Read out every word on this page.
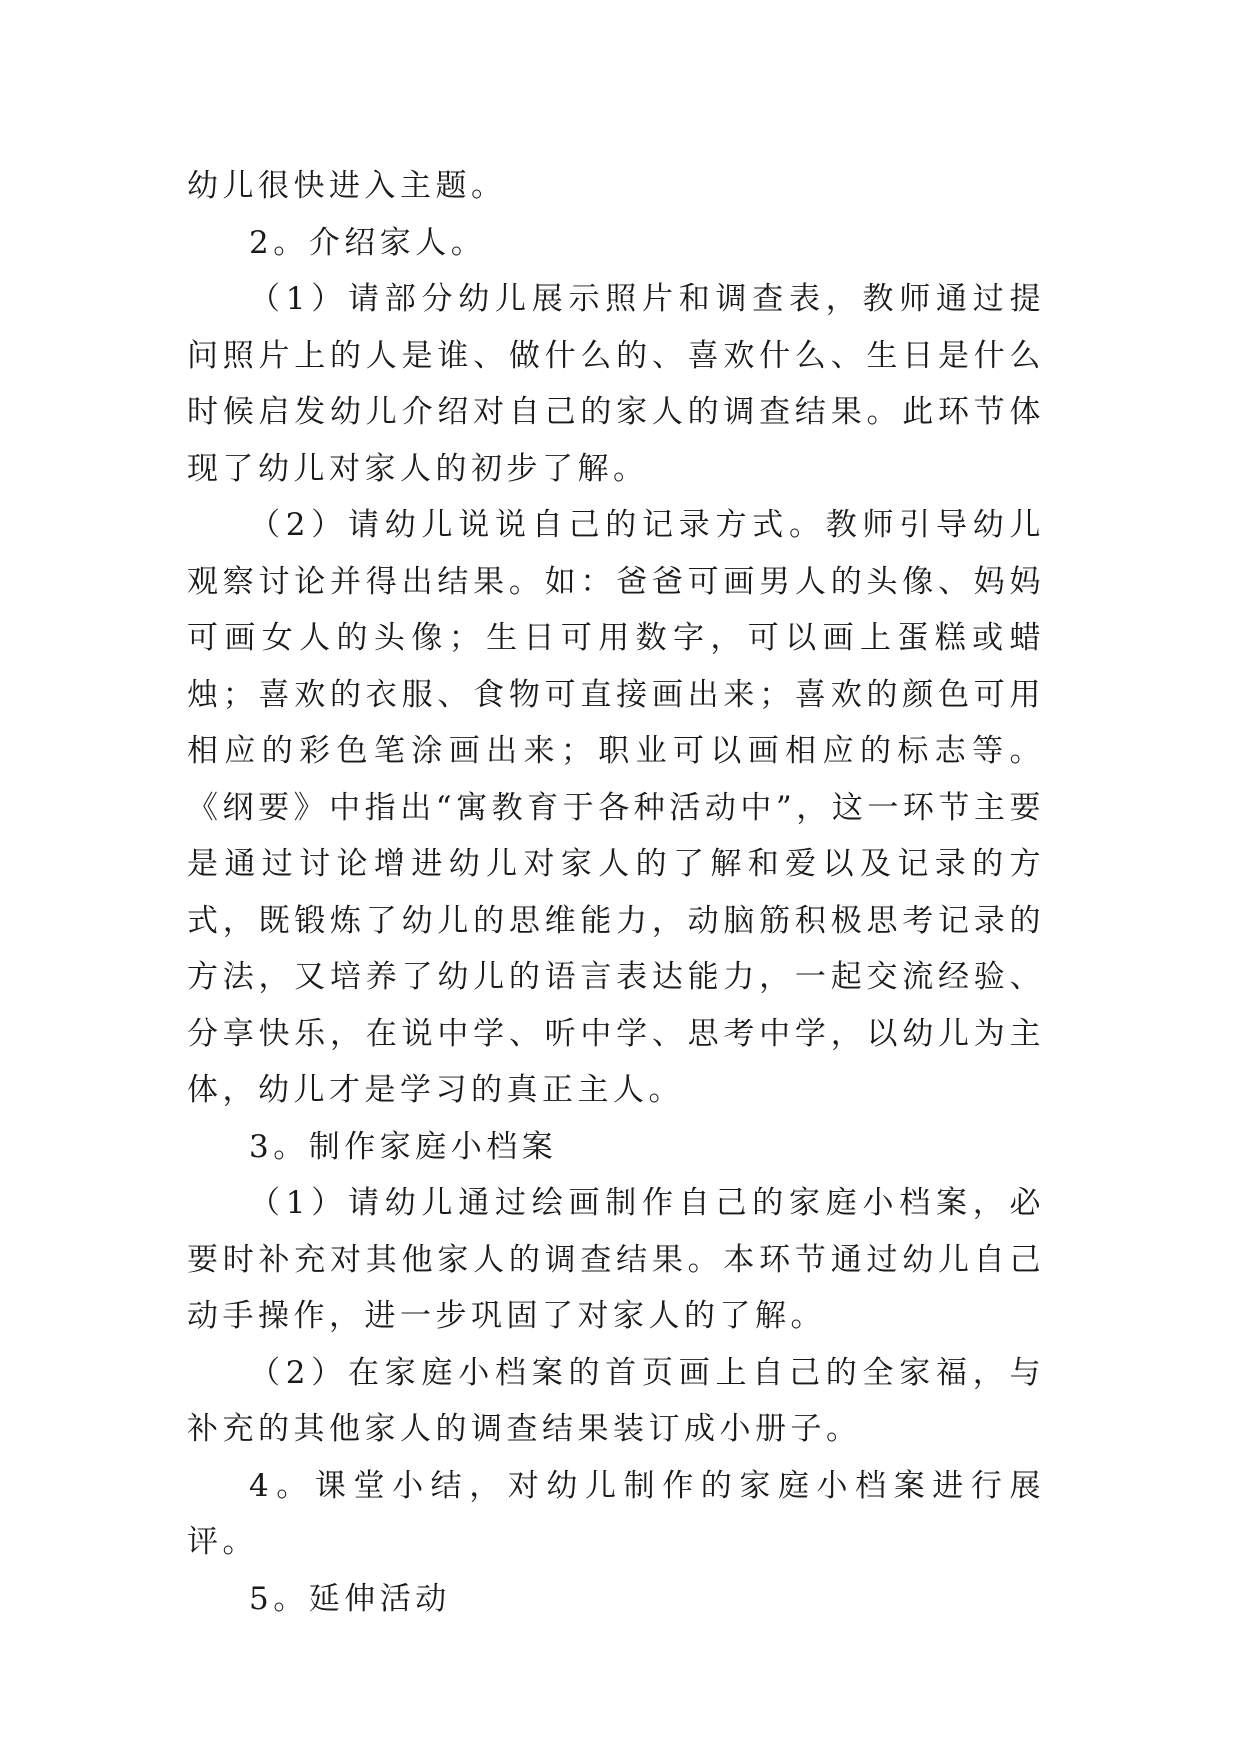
幼儿很快进入主题。

2。介绍家人。

（1）请部分幼儿展示照片和调查表，教师通过提问照片上的人是谁、做什么的、喜欢什么、生日是什么时候启发幼儿介绍对自己的家人的调查结果。此环节体现了幼儿对家人的初步了解。

（2）请幼儿说说自己的记录方式。教师引导幼儿观察讨论并得出结果。如：爸爸可画男人的头像、妈妈可画女人的头像；生日可用数字，可以画上蛋糕或蜡烛；喜欢的衣服、食物可直接画出来；喜欢的颜色可用相应的彩色笔涂画出来；职业可以画相应的标志等。《纲要》中指出“寓教育于各种活动中”，这一环节主要是通过讨论增进幼儿对家人的了解和爱以及记录的方式，既锻炼了幼儿的思维能力，动脑筋积极思考记录的方法，又培养了幼儿的语言表达能力，一起交流经验、分享快乐，在说中学、听中学、思考中学，以幼儿为主体，幼儿才是学习的真正主人。

3。制作家庭小档案

（1）请幼儿通过绘画制作自己的家庭小档案，必要时补充对其他家人的调查结果。本环节通过幼儿自己动手操作，进一步巩固了对家人的了解。

（2）在家庭小档案的首页画上自己的全家福，与补充的其他家人的调查结果装订成小册子。

4。课堂小结，对幼儿制作的家庭小档案进行展评。

5。延伸活动
